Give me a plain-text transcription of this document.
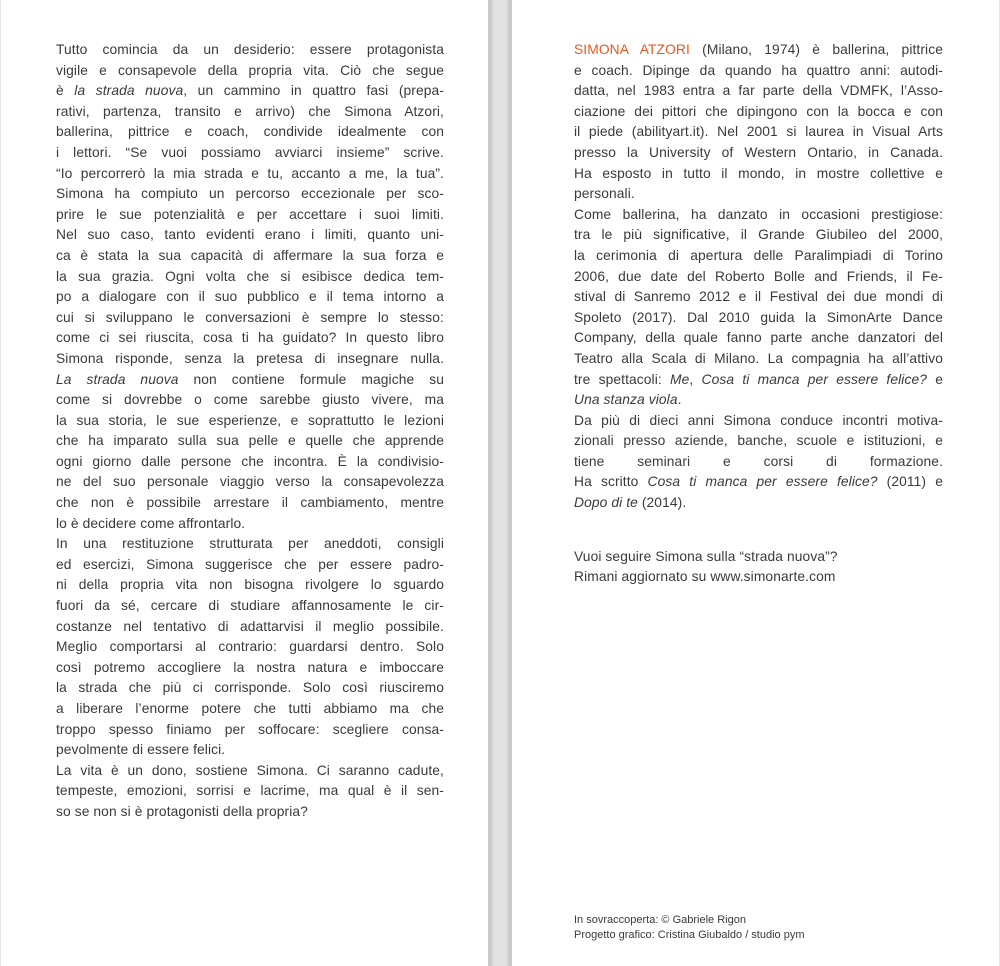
Tutto comincia da un desiderio: essere protagonista
vigile e consapevole della propria vita. Ciò che segue
è la strada nuova, un cammino in quattro fasi (prepa-
rativi, partenza, transito e arrivo) che Simona Atzori,
ballerina, pittrice e coach, condivide idealmente con
i lettori. “Se vuoi possiamo avviarci insieme” scrive.
“Io percorrerò la mia strada e tu, accanto a me, la tua”.
Simona ha compiuto un percorso eccezionale per sco-
prire le sue potenzialità e per accettare i suoi limiti.
Nel suo caso, tanto evidenti erano i limiti, quanto uni-
ca è stata la sua capacità di affermare la sua forza e
la sua grazia. Ogni volta che si esibisce dedica tem-
po a dialogare con il suo pubblico e il tema intorno a
cui si sviluppano le conversazioni è sempre lo stesso:
come ci sei riuscita, cosa ti ha guidato? In questo libro
Simona risponde, senza la pretesa di insegnare nulla.
La strada nuova non contiene formule magiche su
come si dovrebbe o come sarebbe giusto vivere, ma
la sua storia, le sue esperienze, e soprattutto le lezioni
che ha imparato sulla sua pelle e quelle che apprende
ogni giorno dalle persone che incontra. È la condivisio-
ne del suo personale viaggio verso la consapevolezza
che non è possibile arrestare il cambiamento, mentre
lo è decidere come affrontarlo.
In una restituzione strutturata per aneddoti, consigli
ed esercizi, Simona suggerisce che per essere padro-
ni della propria vita non bisogna rivolgere lo sguardo
fuori da sé, cercare di studiare affannosamente le cir-
costanze nel tentativo di adattarvisi il meglio possibile.
Meglio comportarsi al contrario: guardarsi dentro. Solo
così potremo accogliere la nostra natura e imboccare
la strada che più ci corrisponde. Solo così riusciremo
a liberare l’enorme potere che tutti abbiamo ma che
troppo spesso finiamo per soffocare: scegliere consa-
pevolmente di essere felici.
La vita è un dono, sostiene Simona. Ci saranno cadute,
tempeste, emozioni, sorrisi e lacrime, ma qual è il sen-
so se non si è protagonisti della propria?
SIMONA ATZORI (Milano, 1974) è ballerina, pittrice
e coach. Dipinge da quando ha quattro anni: autodi-
datta, nel 1983 entra a far parte della VDMFK, l’Asso-
ciazione dei pittori che dipingono con la bocca e con
il piede (abilityart.it). Nel 2001 si laurea in Visual Arts
presso la University of Western Ontario, in Canada.
Ha esposto in tutto il mondo, in mostre collettive e
personali.
Come ballerina, ha danzato in occasioni prestigiose:
tra le più significative, il Grande Giubileo del 2000,
la cerimonia di apertura delle Paralimpiadi di Torino
2006, due date del Roberto Bolle and Friends, il Fe-
stival di Sanremo 2012 e il Festival dei due mondi di
Spoleto (2017). Dal 2010 guida la SimonArte Dance
Company, della quale fanno parte anche danzatori del
Teatro alla Scala di Milano. La compagnia ha all’attivo
tre spettacoli: Me, Cosa ti manca per essere felice? e
Una stanza viola.
Da più di dieci anni Simona conduce incontri motiva-
zionali presso aziende, banche, scuole e istituzioni, e
tiene seminari e corsi di formazione.
Ha scritto Cosa ti manca per essere felice? (2011) e
Dopo di te (2014).
Vuoi seguire Simona sulla “strada nuova”?
Rimani aggiornato su www.simonarte.com
In sovraccoperta: © Gabriele Rigon
Progetto grafico: Cristina Giubaldo / studio pym
